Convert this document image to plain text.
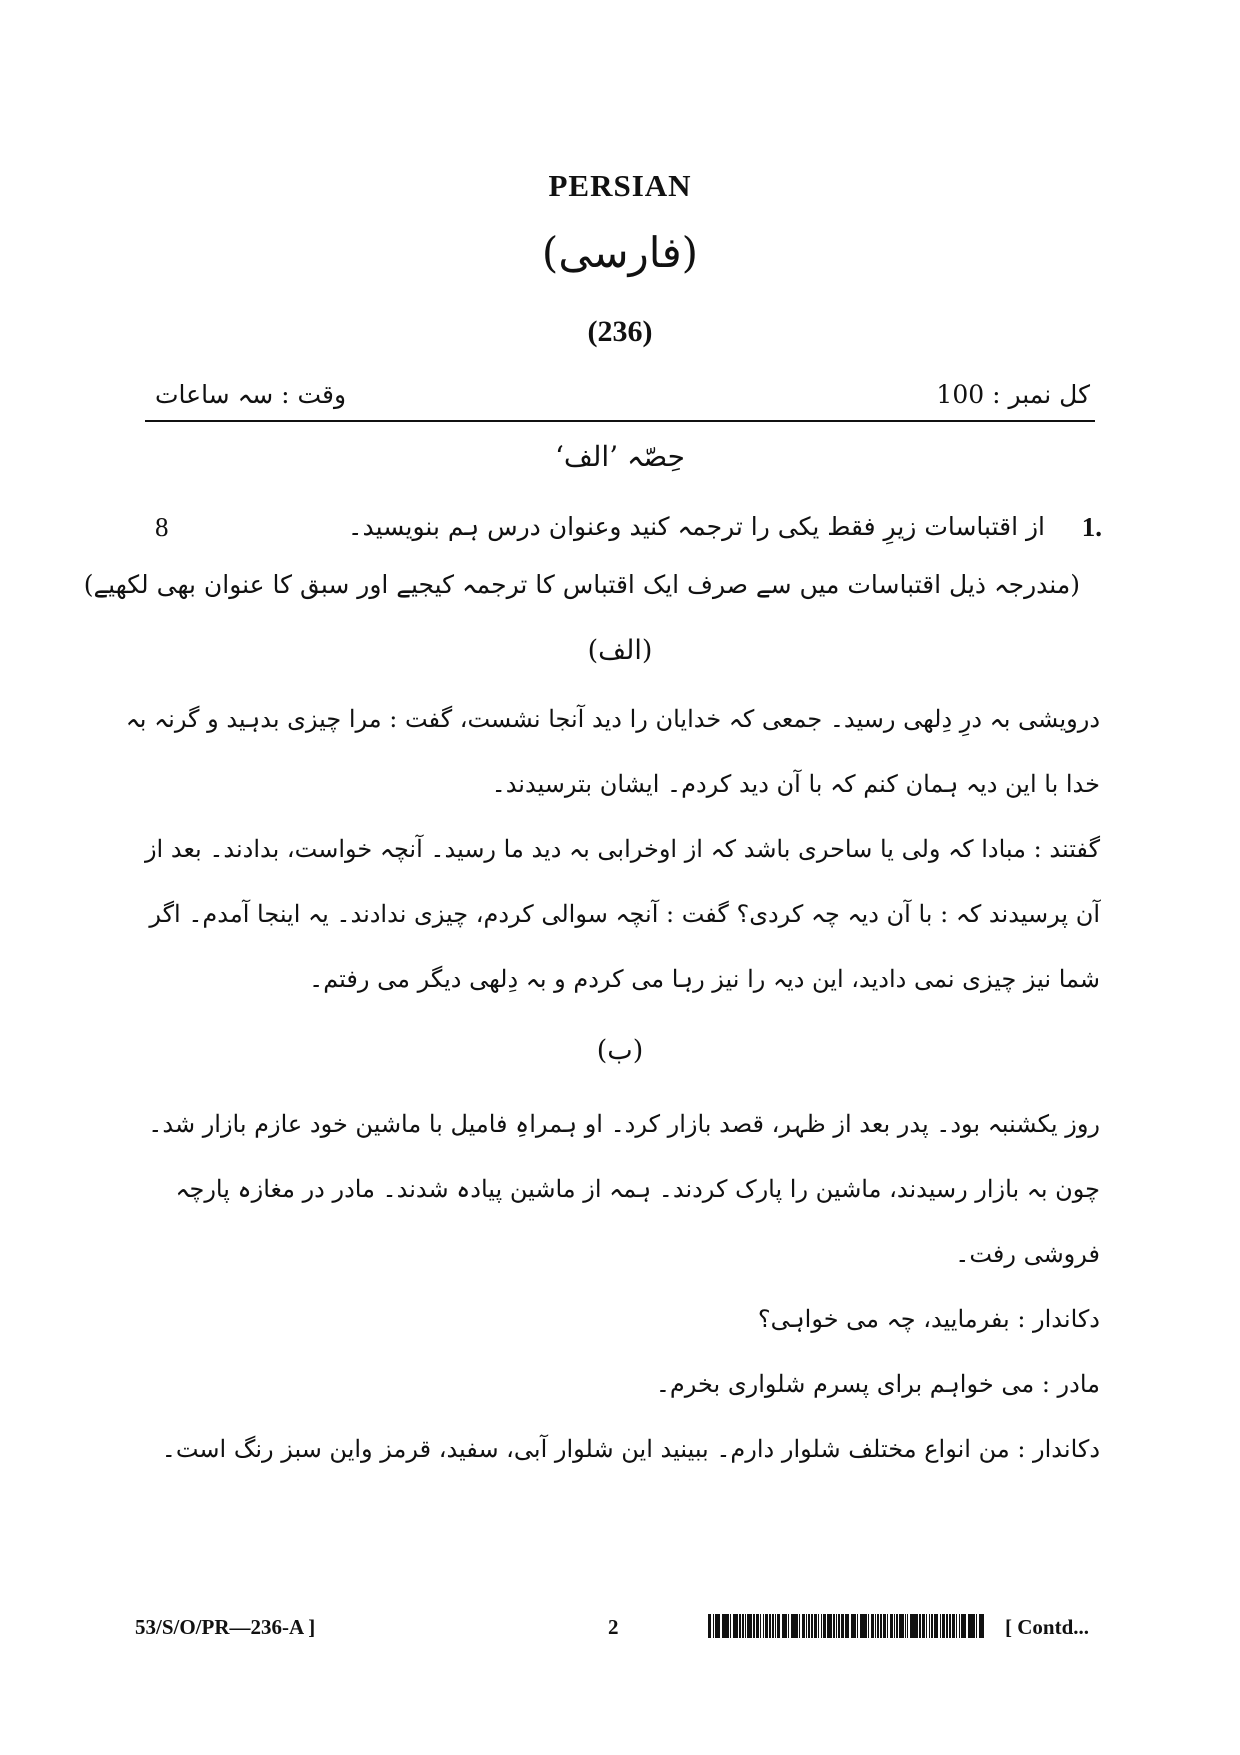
PERSIAN
(فارسی)
(236)
کل نمبر : 100
وقت : سہ ساعات
حِصّہ ’الف‘
1.
8	از اقتباسات زیرِ فقط یکی را ترجمہ کنید وعنوان درس ہم بنویسید۔
(مندرجہ ذیل اقتباسات میں سے صرف ایک اقتباس کا ترجمہ کیجیے اور سبق کا عنوان بھی لکھیے)
(الف)
درویشی بہ درِ دِلھی رسید۔ جمعی کہ خدایان را دید آنجا نشست، گفت : مرا چیزی بدہید و گرنہ بہ
خدا با این دیہ ہمان کنم کہ با آن دید کردم۔ ایشان بترسیدند۔
گفتند : مبادا کہ ولی یا ساحری باشد کہ از اوخرابی بہ دید ما رسید۔ آنچہ خواست، بدادند۔ بعد از
آن پرسیدند کہ : با آن دیہ چہ کردی؟ گفت : آنچہ سوالی کردم، چیزی ندادند۔ یہ اینجا آمدم۔ اگر
شما نیز چیزی نمی دادید، این دیہ را نیز رہا می کردم و بہ دِلھی دیگر می رفتم۔
(ب)
روز یکشنبہ بود۔ پدر بعد از ظہر، قصد بازار کرد۔ او ہمراہِ فامیل با ماشین خود عازم بازار شد۔
چون بہ بازار رسیدند، ماشین را پارک کردند۔ ہمہ از ماشین پیادہ شدند۔ مادر در مغازہ پارچہ
فروشی رفت۔
دکاندار : بفرمایید، چہ می خواہی؟
مادر : می خواہم برای پسرم شلواری بخرم۔
دکاندار : من انواع مختلف شلوار دارم۔ ببینید این شلوار آبی، سفید، قرمز واین سبز رنگ است۔
53/S/O/PR—236-A ]	2	[ Contd...
